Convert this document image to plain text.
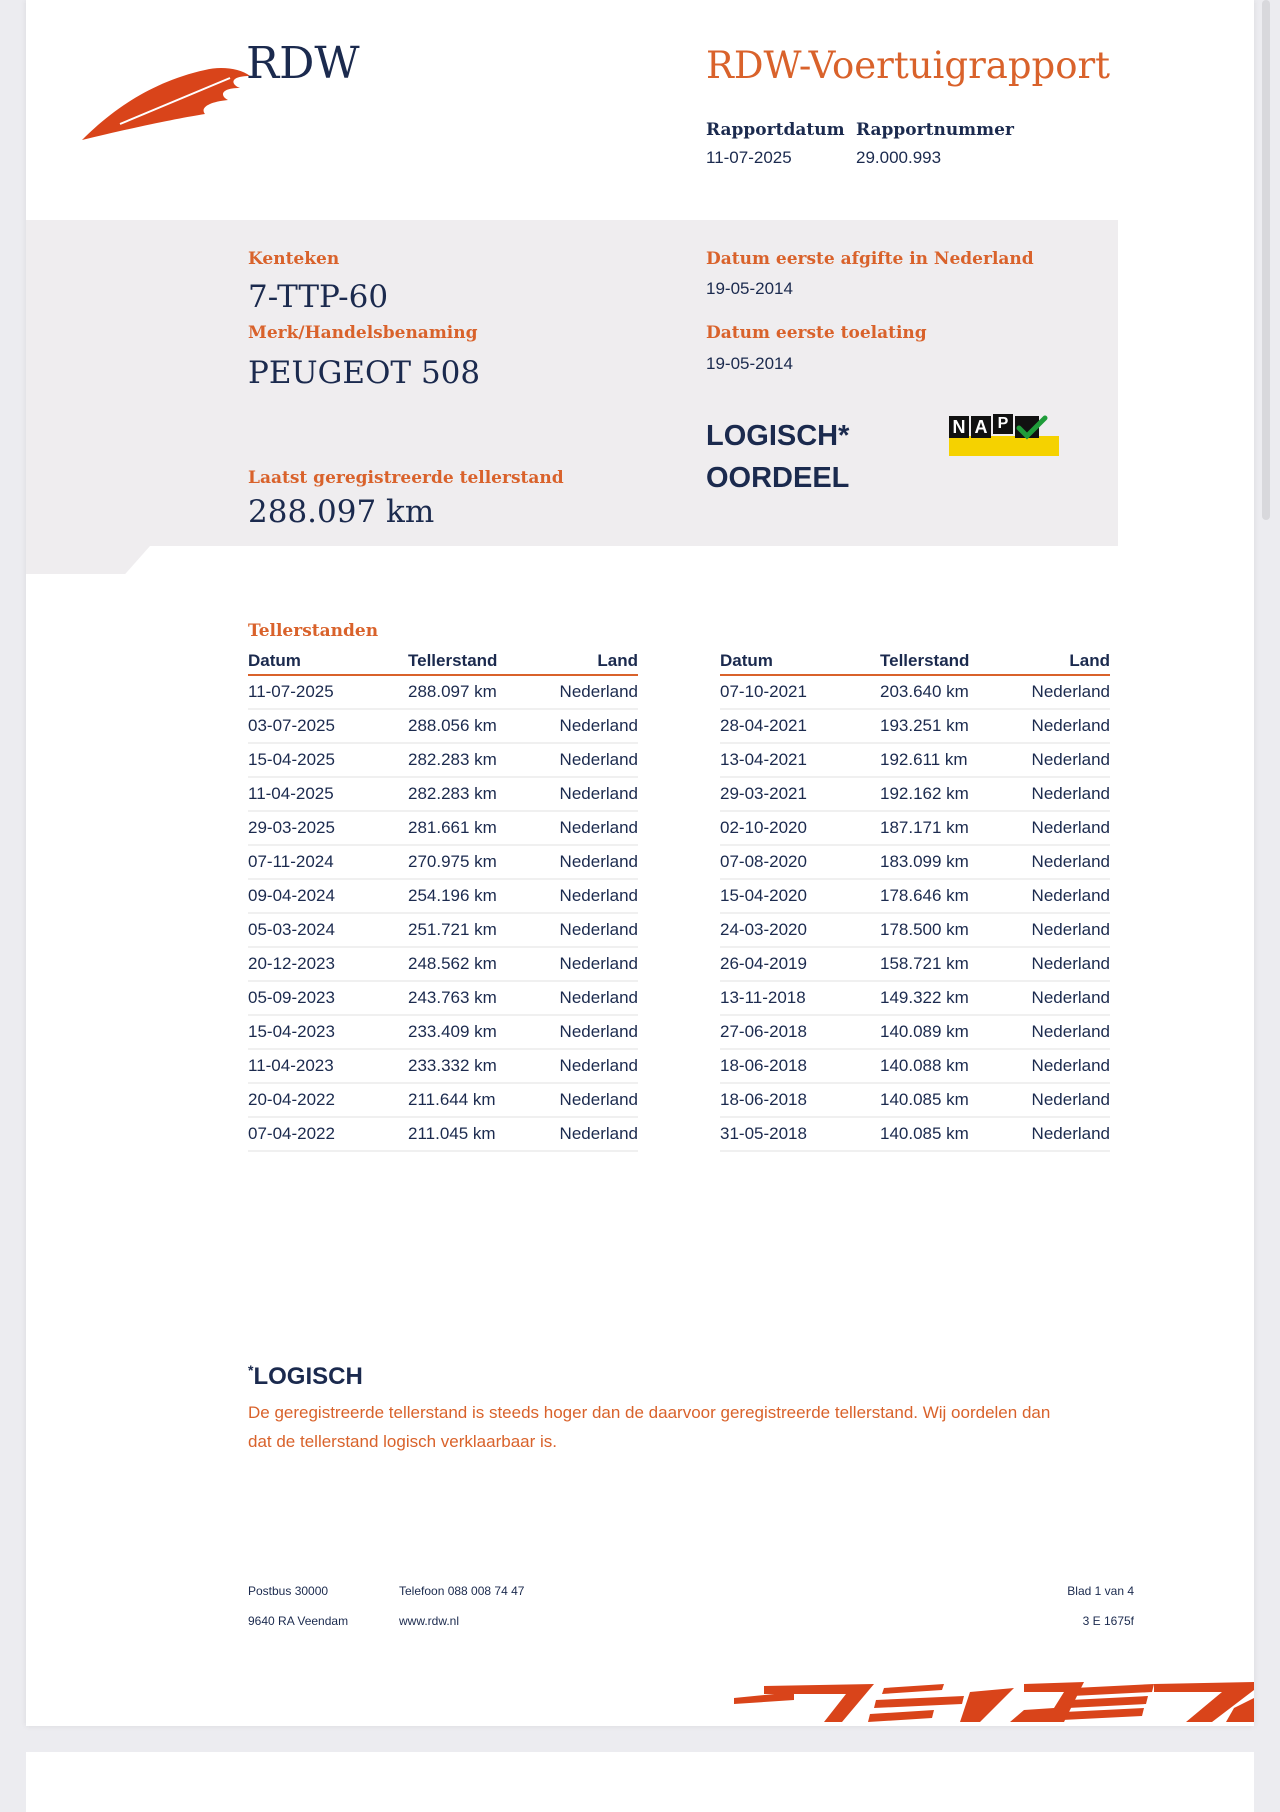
RDW	RDW-Voertuigrapport
Rapportdatum
11-07-2025
Rapportnummer
29.000.993
Kenteken
7-TTP-60
Merk/Handelsbenaming
PEUGEOT 508
Laatst geregistreerde tellerstand
288.097 km
Datum eerste afgifte in Nederland
19-05-2014
Datum eerste toelating
19-05-2014
LOGISCH*
OORDEEL
N A P
Tellerstanden
Datum	Tellerstand	Land
11-07-2025	288.097 km	Nederland
03-07-2025	288.056 km	Nederland
15-04-2025	282.283 km	Nederland
11-04-2025	282.283 km	Nederland
29-03-2025	281.661 km	Nederland
07-11-2024	270.975 km	Nederland
09-04-2024	254.196 km	Nederland
05-03-2024	251.721 km	Nederland
20-12-2023	248.562 km	Nederland
05-09-2023	243.763 km	Nederland
15-04-2023	233.409 km	Nederland
11-04-2023	233.332 km	Nederland
20-04-2022	211.644 km	Nederland
07-04-2022	211.045 km	Nederland
Datum	Tellerstand	Land
07-10-2021	203.640 km	Nederland
28-04-2021	193.251 km	Nederland
13-04-2021	192.611 km	Nederland
29-03-2021	192.162 km	Nederland
02-10-2020	187.171 km	Nederland
07-08-2020	183.099 km	Nederland
15-04-2020	178.646 km	Nederland
24-03-2020	178.500 km	Nederland
26-04-2019	158.721 km	Nederland
13-11-2018	149.322 km	Nederland
27-06-2018	140.089 km	Nederland
18-06-2018	140.088 km	Nederland
18-06-2018	140.085 km	Nederland
31-05-2018	140.085 km	Nederland
*LOGISCH
De geregistreerde tellerstand is steeds hoger dan de daarvoor geregistreerde tellerstand. Wij oordelen dan
dat de tellerstand logisch verklaarbaar is.
Postbus 30000
9640 RA Veendam
Telefoon 088 008 74 47
www.rdw.nl
Blad 1 van 4
3 E 1675f
